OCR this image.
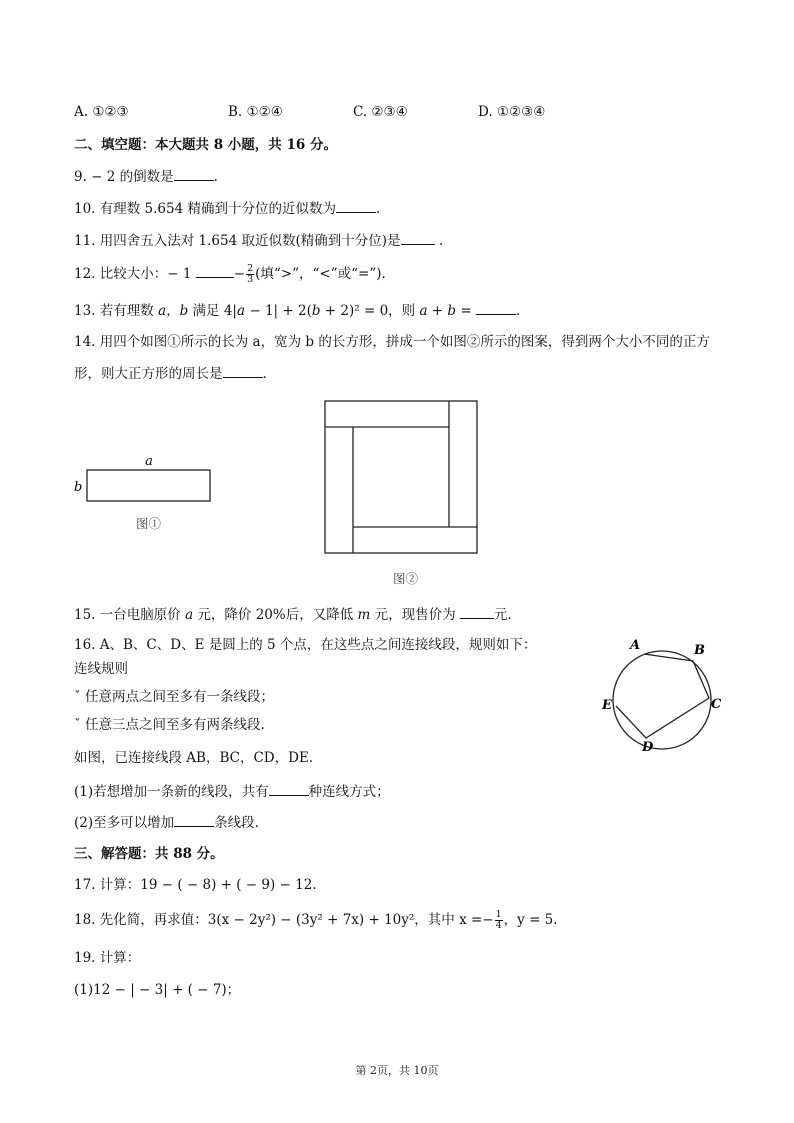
A. ①②③	B. ①②④	C. ②③④	D. ①②③④
二、填空题：本大题共 8 小题，共 16 分。
9. − 2 的倒数是	.
10. 有理数 5.654 精确到十分位的近似数为	.
11. 用四舍五入法对 1.654 取近似数(精确到十分位)是	.
12. 比较大小：− 1	− $\frac{2}{3}$ (填“>”，“<”或“=”).
13. 若有理数 a，b 满足 4|a − 1| + 2(b + 2)² = 0，则 a + b =	.
14. 用四个如图①所示的长为 a，宽为 b 的长方形，拼成一个如图②所示的图案，得到两个大小不同的正方
形，则大正方形的周长是	.
a
b
图①
图②
15. 一台电脑原价 a 元，降价 20%后，又降低 m 元，现售价为	元.
16. A、B、C、D、E 是圆上的 5 个点，在这些点之间连接线段，规则如下：
连线规则
ˇ 任意两点之间至多有一条线段；
ˇ 任意三点之间至多有两条线段.
如图，已连接线段 AB，BC，CD，DE.
(1)若想增加一条新的线段，共有	种连线方式；
(2)至多可以增加	条线段.
A	B
C
D
E
三、解答题：共 88 分。
17. 计算：19 − ( − 8) + ( − 9) − 12.
18. 先化简，再求值：3(x − 2y²) − (3y² + 7x) + 10y²，其中 $x =- \frac{1}{4}$ ，y = 5.
19. 计算：
(1)12 − | − 3| + ( − 7)；
第 2页，共 10页
